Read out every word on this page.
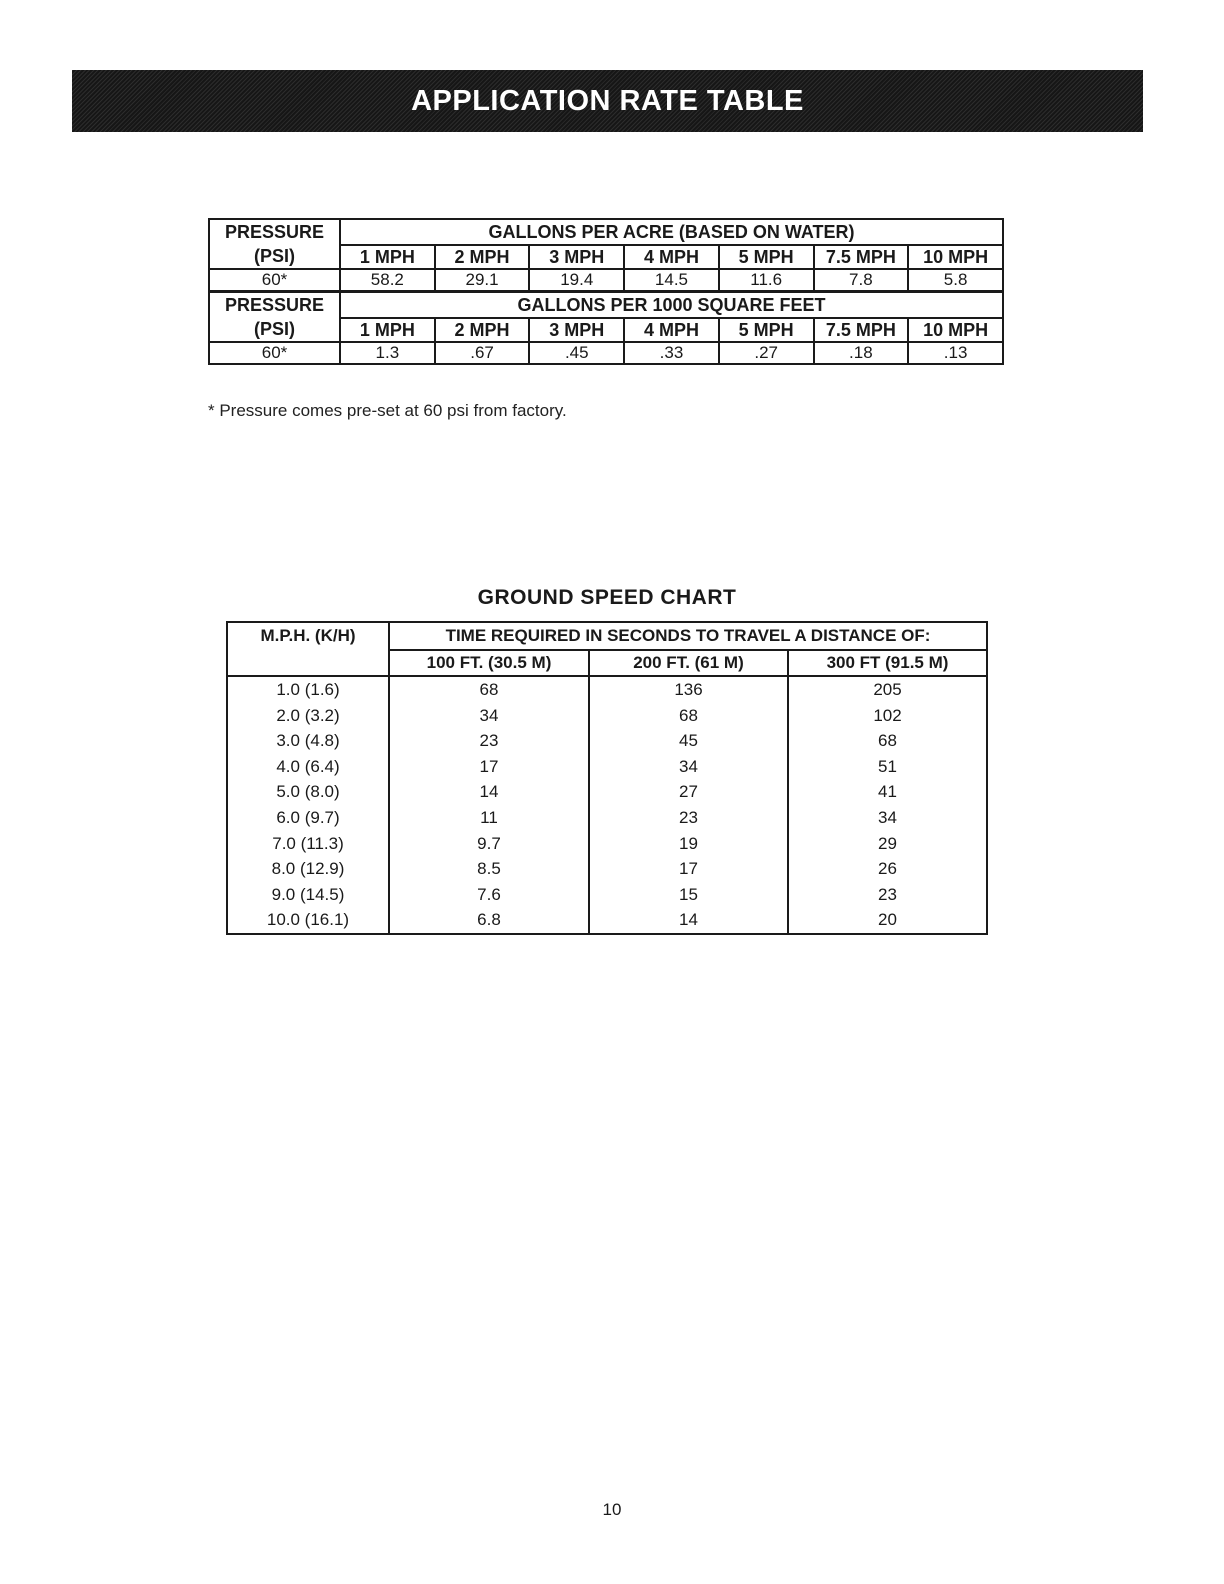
APPLICATION RATE TABLE
PRESSURE
(PSI)	GALLONS PER ACRE (BASED ON WATER)						
	1 MPH	2 MPH	3 MPH	4 MPH	5 MPH	7.5 MPH	10 MPH
60*	58.2	29.1	19.4	14.5	11.6	7.8	5.8

PRESSURE
(PSI)	GALLONS PER 1000 SQUARE FEET						
	1 MPH	2 MPH	3 MPH	4 MPH	5 MPH	7.5 MPH	10 MPH
60*	1.3	.67	.45	.33	.27	.18	.13
* Pressure comes pre-set at 60 psi from factory.
GROUND SPEED CHART
M.P.H. (K/H)	TIME REQUIRED IN SECONDS TO TRAVEL A DISTANCE OF:		
	100 FT. (30.5 M)	200 FT. (61 M)	300 FT (91.5 M)
1.0 (1.6)	68	136	205
2.0 (3.2)	34	68	102
3.0 (4.8)	23	45	68
4.0 (6.4)	17	34	51
5.0 (8.0)	14	27	41
6.0 (9.7)	11	23	34
7.0 (11.3)	9.7	19	29
8.0 (12.9)	8.5	17	26
9.0 (14.5)	7.6	15	23
10.0 (16.1)	6.8	14	20
10
